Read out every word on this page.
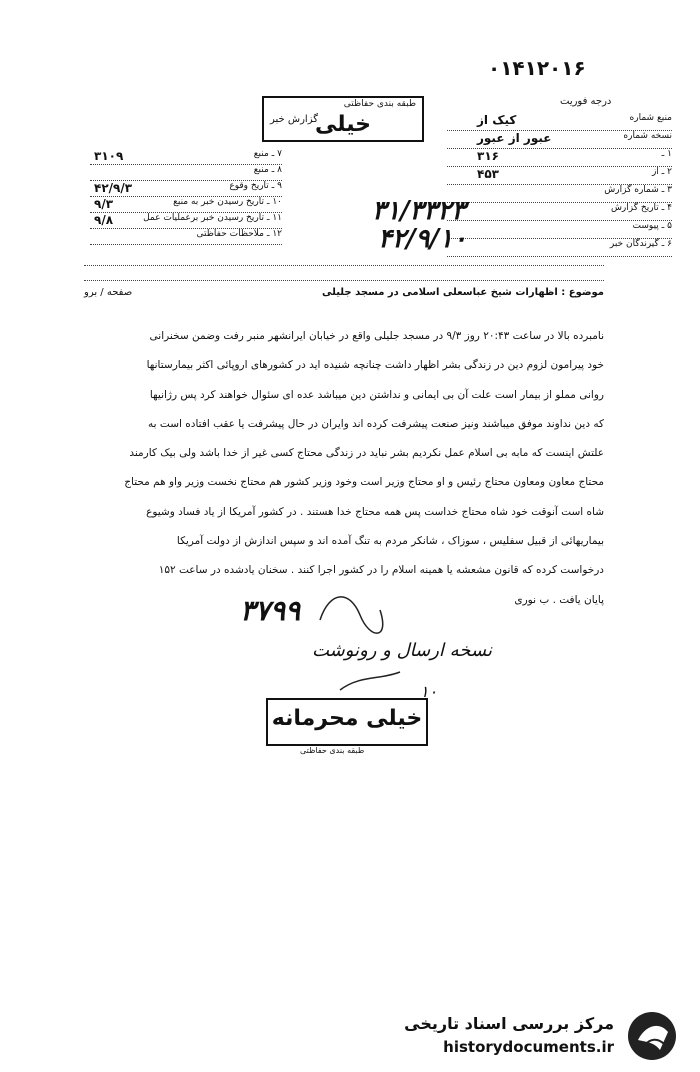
۰۱۴۱۲۰۱۶
طبقه بندی حفاظتی
خیلی
گزارش خبر
درجه فوریت
منبع شماره
کیک از
نسخه شماره
عبور از عبور
۱ ـ
۳۱۶
۲ ـ از
۴۵۳
۳ ـ شماره گزارش
۴ ـ تاریخ گزارش
۵ ـ پیوست
۶ ـ گیرندگان خبر
۷ ـ منبع
۳۱۰۹
۸ ـ منبع
۹ ـ تاریخ وقوع
۴۲/۹/۳
۱۰ ـ تاریخ رسیدن خبر به منبع
۹/۳
۱۱ ـ تاریخ رسیدن خبر برعملیات عمل
۹/۸
۱۲ ـ ملاحظات حفاظتی
۳۱/۳۳۲۳
۴۲/۹/۱۰
صفحه / برو	موضوع : اظهارات شیخ عباسعلی اسلامی در مسجد جلیلی

نامبرده بالا در ساعت ۲۰:۴۳ روز ۹/۳ در مسجد جلیلی واقع در خیابان ایرانشهر منبر رفت وضمن سخنرانی

خود پیرامون لزوم دین در زندگی بشر اظهار داشت چنانچه شنیده اید در کشورهای اروپائی اکثر بیمارستانها

روانی مملو از بیمار است علت آن بی ایمانی و نداشتن دین میباشد عده ای سئوال خواهند کرد پس رژانیها

که دین نداوند موفق میباشند ونیز صنعت پیشرفت کرده اند وایران در حال پیشرفت یا عقب افتاده است به

علتش اینست که مابه بی اسلام عمل نکردیم بشر نباید در زندگی محتاج کسی غیر از خدا باشد ولی بیک کارمند

محتاج معاون ومعاون محتاج رئیس و او محتاج وزیر است وخود وزیر کشور هم محتاج نخست وزیر واو هم محتاج

شاه است آنوقت خود شاه محتاج خداست پس همه محتاج خدا هستند . در کشور آمریکا از یاد فساد وشیوع

بیماریهائی از قبیل سفلیس ، سوزاک ، شانکر مردم به تنگ آمده اند و سپس اندازش از دولت آمریکا

درخواست کرده که قانون مشعشه یا همینه اسلام را در کشور اجرا کنند . سخنان یادشده در ساعت ۱۵۲

پایان یافت . ب نوری

۳۷۹۹
نسخه ارسال و رونوشت
۱۰
خیلی محرمانه
طبقه بندی حفاظتی
مرکز بررسی اسناد تاریخی
historydocuments.ir
